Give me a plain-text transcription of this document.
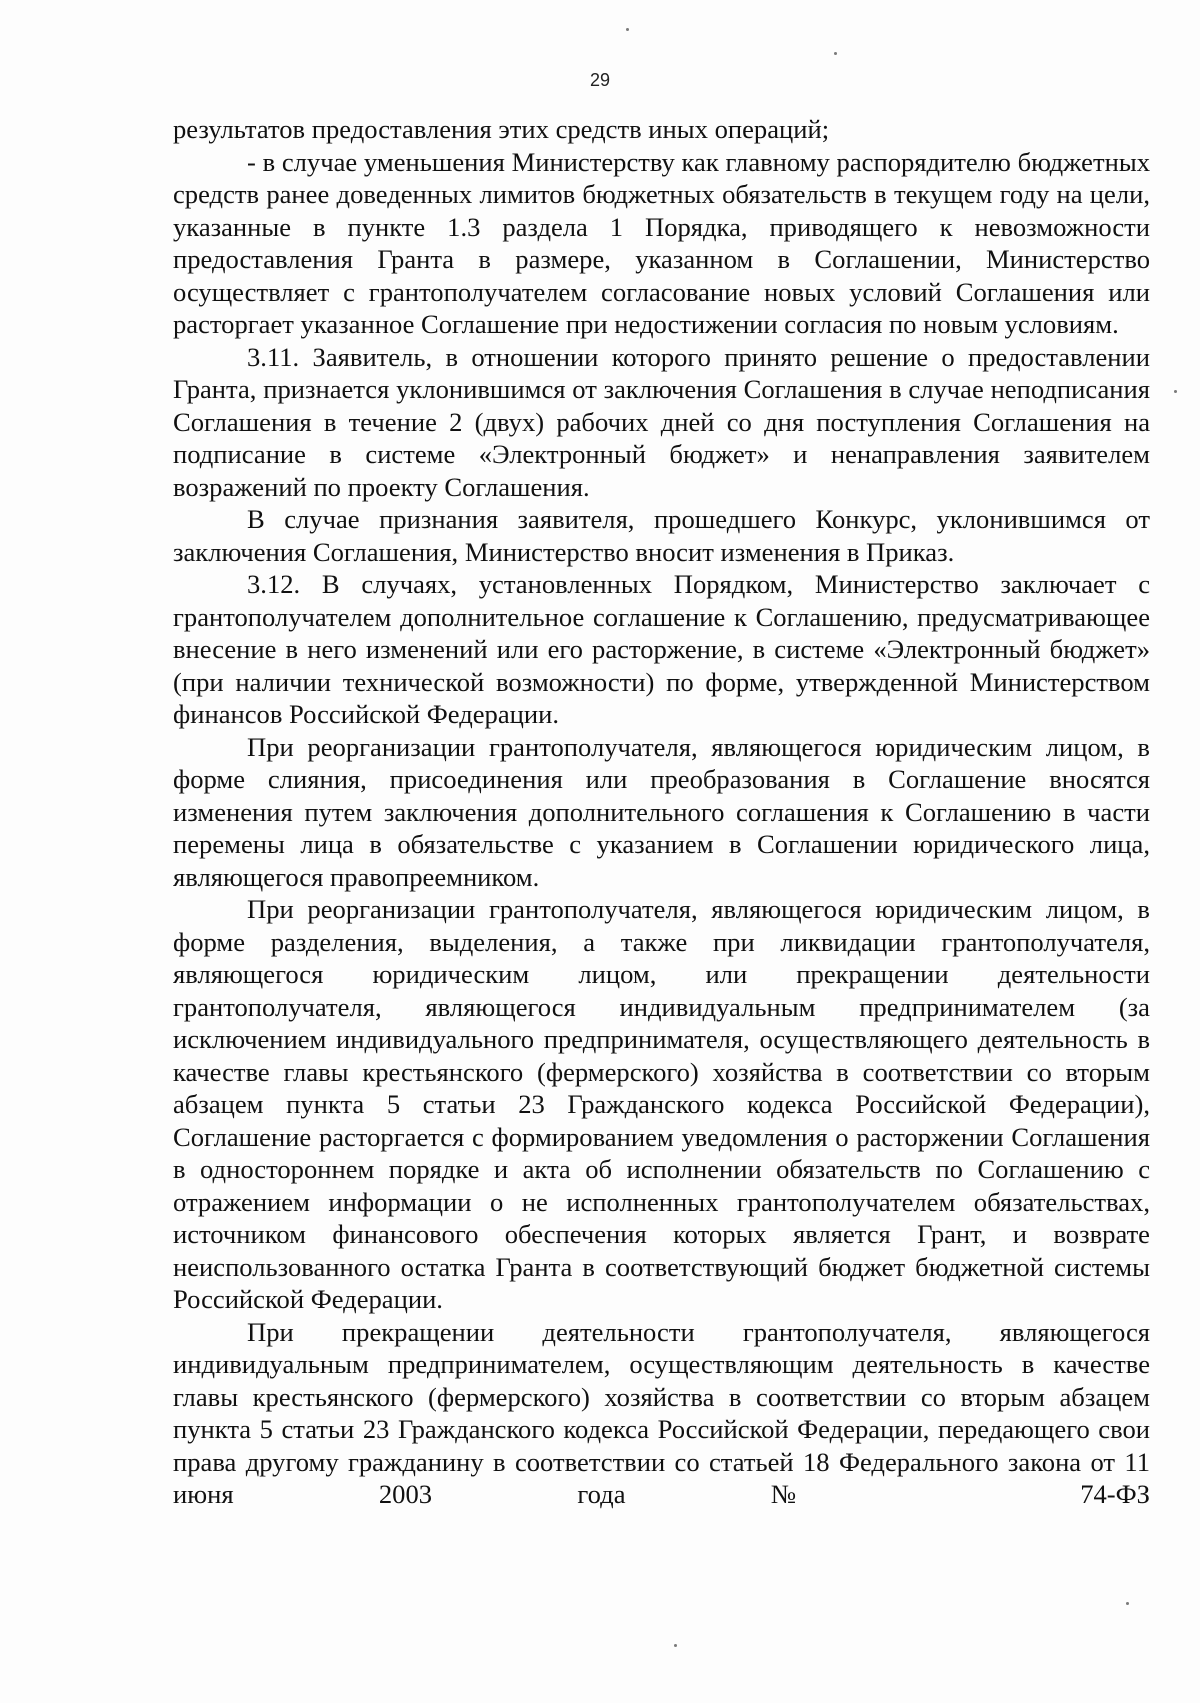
29

результатов предоставления этих средств иных операций;

- в случае уменьшения Министерству как главному распорядителю бюджетных средств ранее доведенных лимитов бюджетных обязательств в текущем году на цели, указанные в пункте 1.3 раздела 1 Порядка, приводящего к невозможности предоставления Гранта в размере, указанном в Соглашении, Министерство осуществляет с грантополучателем согласование новых условий Соглашения или расторгает указанное Соглашение при недостижении согласия по новым условиям.

3.11. Заявитель, в отношении которого принято решение о предоставлении Гранта, признается уклонившимся от заключения Соглашения в случае неподписания Соглашения в течение 2 (двух) рабочих дней со дня поступления Соглашения на подписание в системе «Электронный бюджет» и ненаправления заявителем возражений по проекту Соглашения.

В случае признания заявителя, прошедшего Конкурс, уклонившимся от заключения Соглашения, Министерство вносит изменения в Приказ.

3.12. В случаях, установленных Порядком, Министерство заключает с грантополучателем дополнительное соглашение к Соглашению, предусматривающее внесение в него изменений или его расторжение, в системе «Электронный бюджет» (при наличии технической возможности) по форме, утвержденной Министерством финансов Российской Федерации.

При реорганизации грантополучателя, являющегося юридическим лицом, в форме слияния, присоединения или преобразования в Соглашение вносятся изменения путем заключения дополнительного соглашения к Соглашению в части перемены лица в обязательстве с указанием в Соглашении юридического лица, являющегося правопреемником.

При реорганизации грантополучателя, являющегося юридическим лицом, в форме разделения, выделения, а также при ликвидации грантополучателя, являющегося юридическим лицом, или прекращении деятельности грантополучателя, являющегося индивидуальным предпринимателем (за исключением индивидуального предпринимателя, осуществляющего деятельность в качестве главы крестьянского (фермерского) хозяйства в соответствии со вторым абзацем пункта 5 статьи 23 Гражданского кодекса Российской Федерации), Соглашение расторгается с формированием уведомления о расторжении Соглашения в одностороннем порядке и акта об исполнении обязательств по Соглашению с отражением информации о не исполненных грантополучателем обязательствах, источником финансового обеспечения которых является Грант, и возврате неиспользованного остатка Гранта в соответствующий бюджет бюджетной системы Российской Федерации.

При прекращении деятельности грантополучателя, являющегося индивидуальным предпринимателем, осуществляющим деятельность в качестве главы крестьянского (фермерского) хозяйства в соответствии со вторым абзацем пункта 5 статьи 23 Гражданского кодекса Российской Федерации, передающего свои права другому гражданину в соответствии со статьей 18 Федерального закона от 11 июня 2003 года № 74-ФЗ
